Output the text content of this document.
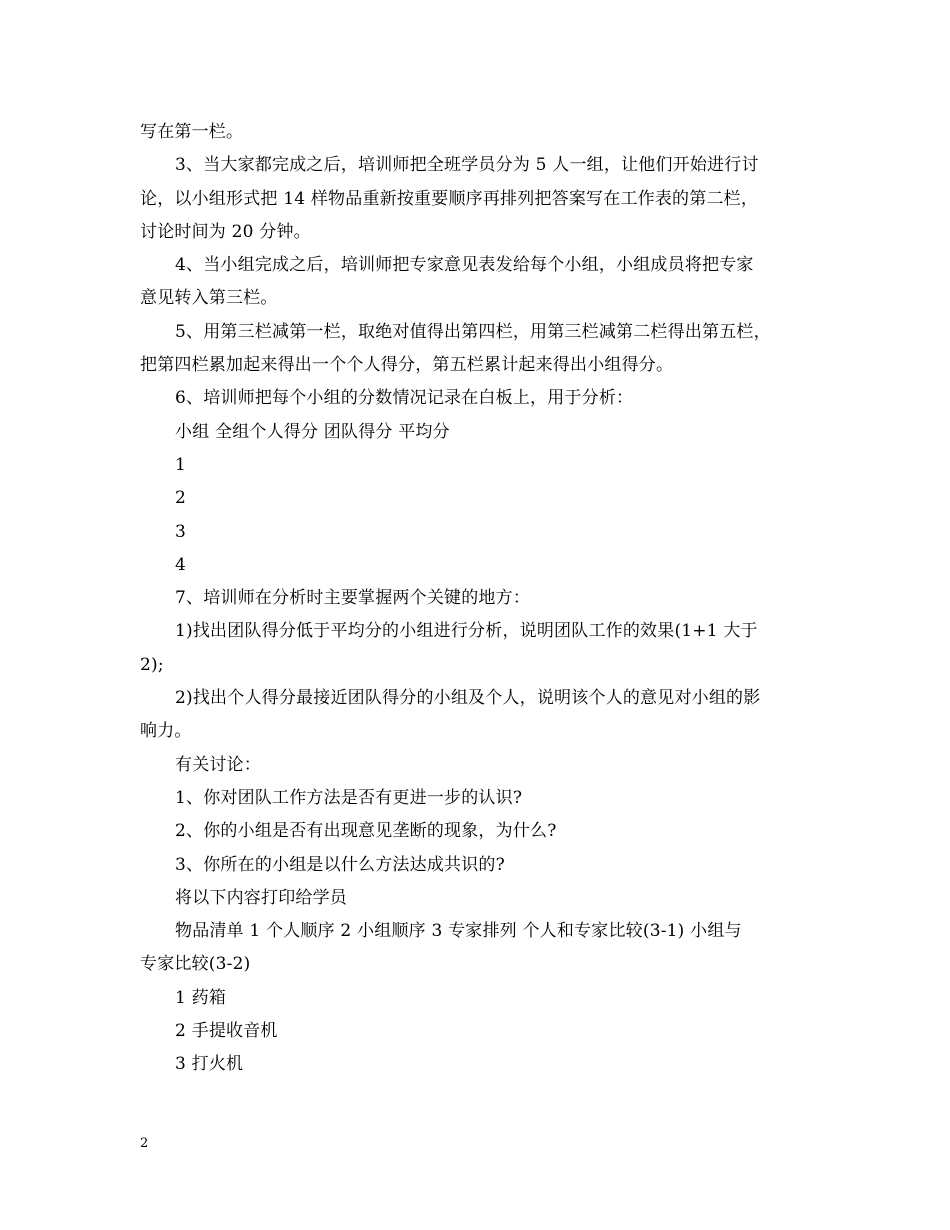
写在第一栏。
3、当大家都完成之后，培训师把全班学员分为 5 人一组，让他们开始进行讨
论，以小组形式把 14 样物品重新按重要顺序再排列把答案写在工作表的第二栏，
讨论时间为 20 分钟。
4、当小组完成之后，培训师把专家意见表发给每个小组，小组成员将把专家
意见转入第三栏。
5、用第三栏减第一栏，取绝对值得出第四栏，用第三栏减第二栏得出第五栏，
把第四栏累加起来得出一个个人得分，第五栏累计起来得出小组得分。
6、培训师把每个小组的分数情况记录在白板上，用于分析：
小组 全组个人得分 团队得分 平均分
1
2
3
4
7、培训师在分析时主要掌握两个关键的地方：
1)找出团队得分低于平均分的小组进行分析，说明团队工作的效果(1+1 大于
2);
2)找出个人得分最接近团队得分的小组及个人，说明该个人的意见对小组的影
响力。
有关讨论：
1、你对团队工作方法是否有更进一步的认识?
2、你的小组是否有出现意见垄断的现象，为什么?
3、你所在的小组是以什么方法达成共识的?
将以下内容打印给学员
物品清单 1 个人顺序 2 小组顺序 3 专家排列 个人和专家比较(3-1) 小组与
专家比较(3-2)
1 药箱
2 手提收音机
3 打火机
2
